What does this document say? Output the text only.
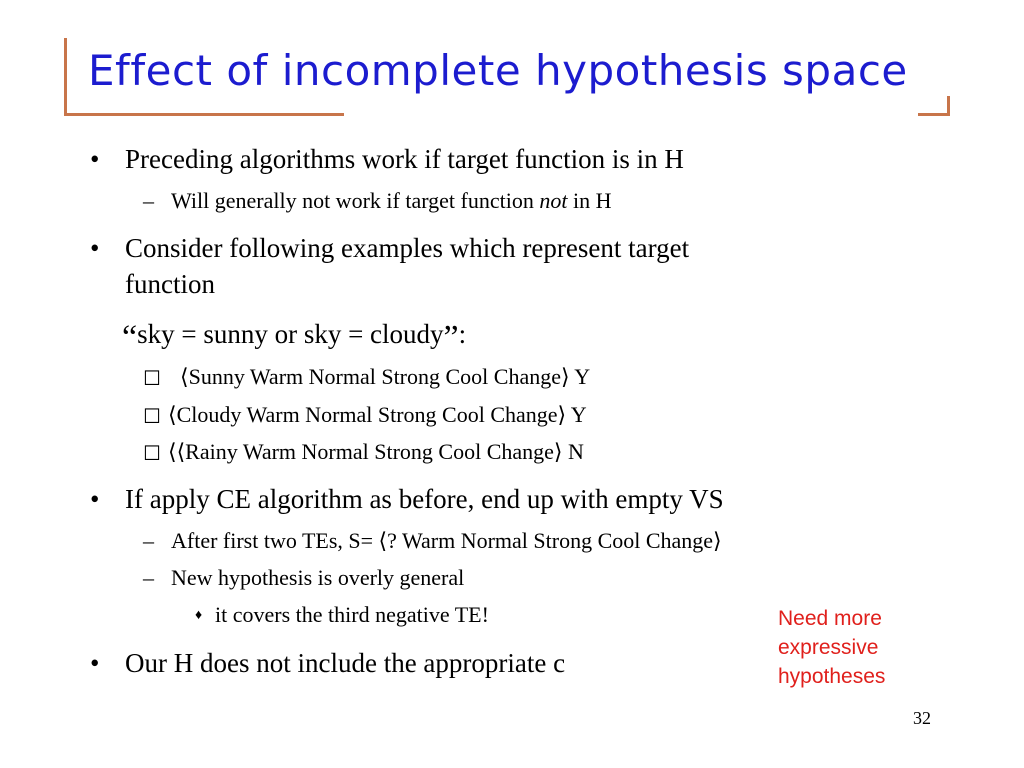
Effect of incomplete hypothesis space
• Preceding algorithms work if target function is in H
– Will generally not work if target function not in H
• Consider following examples which represent target
function
“sky = sunny or sky = cloudy”:
☐ ⟨Sunny Warm Normal Strong Cool Change⟩ Y
☐ ⟨Cloudy Warm Normal Strong Cool Change⟩ Y
☐ ⟨⟨Rainy Warm Normal Strong Cool Change⟩ N
• If apply CE algorithm as before, end up with empty VS
– After first two TEs, S= ⟨? Warm Normal Strong Cool Change⟩
– New hypothesis is overly general
♦ it covers the third negative TE!
• Our H does not include the appropriate c
Need more
expressive
hypotheses
32
